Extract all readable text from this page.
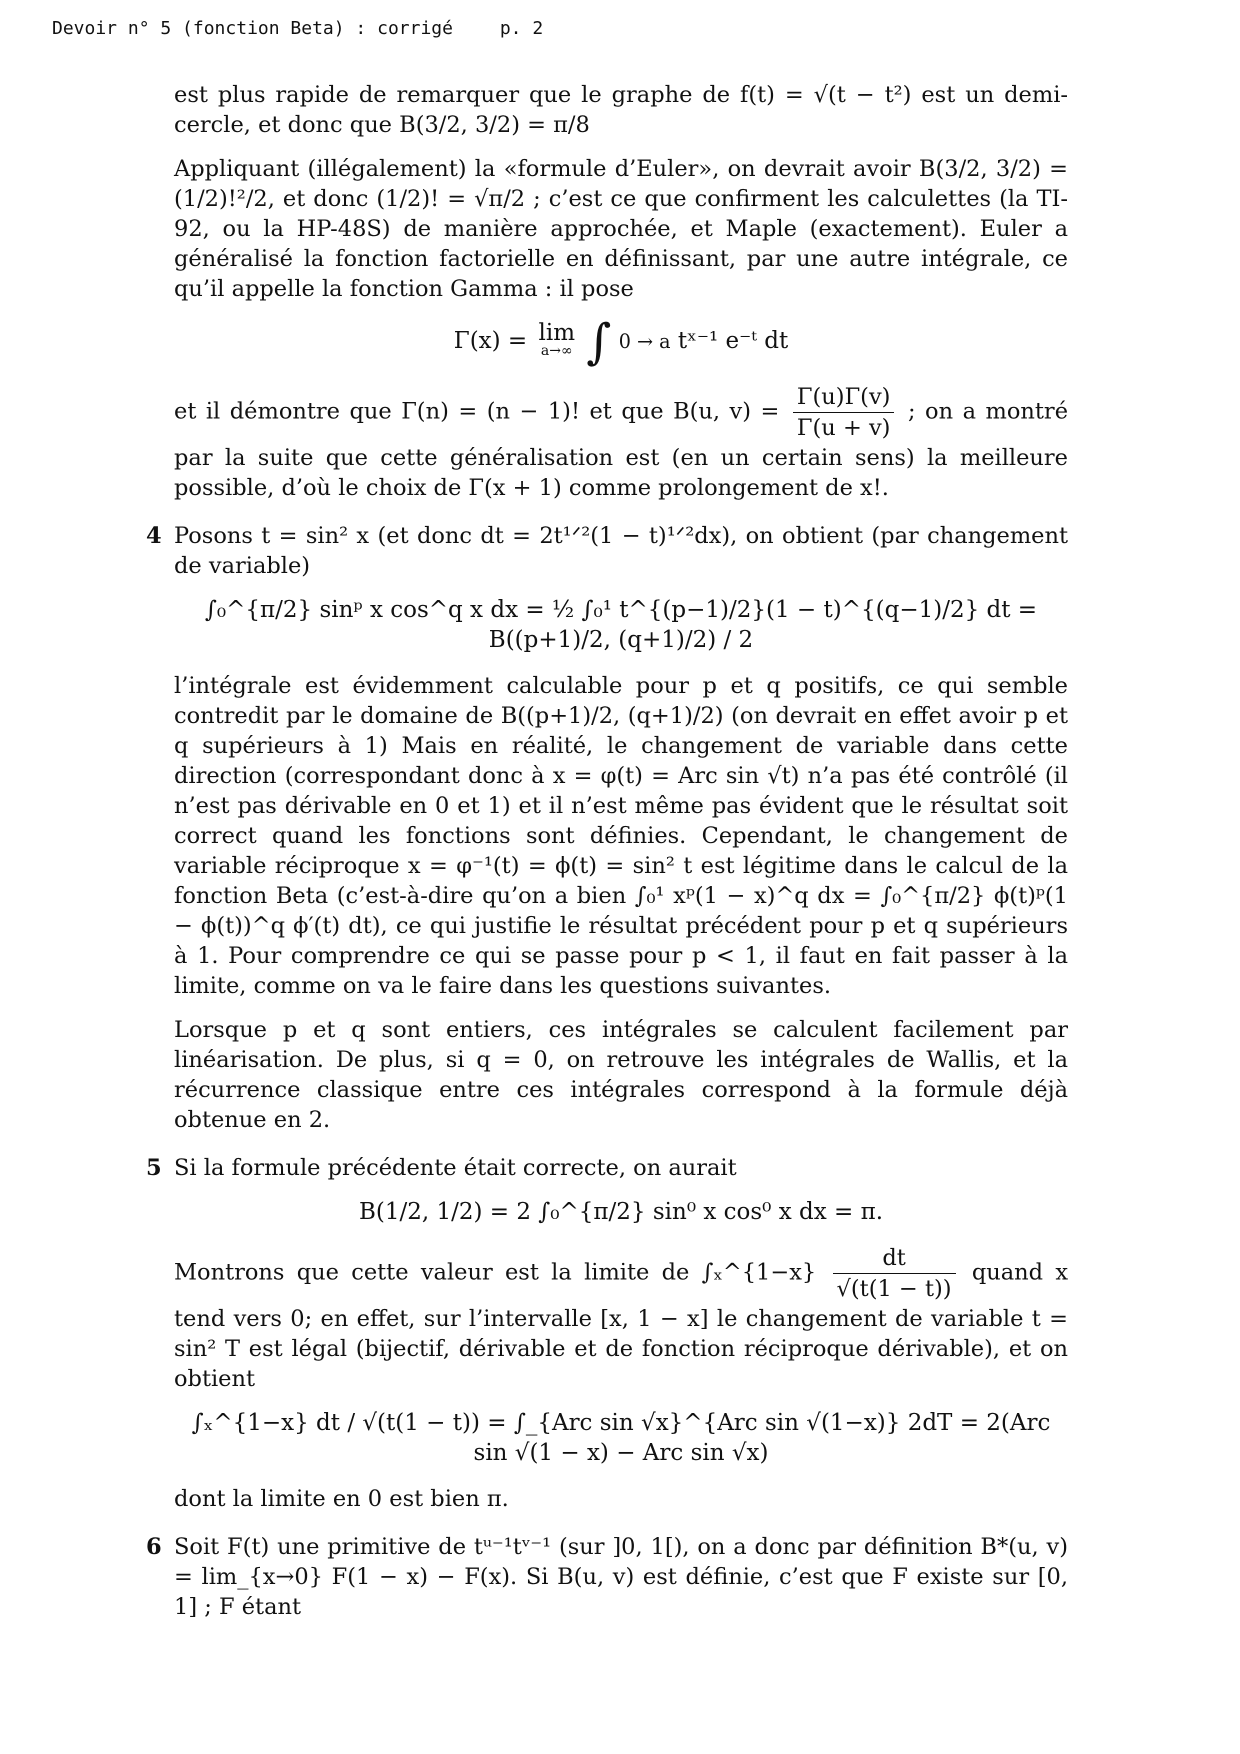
Devoir n° 5 (fonction Beta) : corrigé	p. 2

est plus rapide de remarquer que le graphe de f(t) = √(t − t²) est un demi-cercle, et donc que B(3/2, 3/2) = π/8

Appliquant (illégalement) la «formule d’Euler», on devrait avoir B(3/2, 3/2) = (1/2)!²/2, et donc (1/2)! = √π/2 ; c’est ce que confirment les calculettes (la TI-92, ou la HP-48S) de manière approchée, et Maple (exactement). Euler a généralisé la fonction factorielle en définissant, par une autre intégrale, ce qu’il appelle la fonction Gamma : il pose

Γ(x) = lim
a→∞ ∫ 0 → a tˣ⁻¹ e⁻ᵗ dt

et il démontre que Γ(n) = (n − 1)! et que B(u, $v) = \frac{\Gamma(u)\Gamma(v)}{\Gamma(u + v)}$ ; on a montré par la suite que cette généralisation est (en un certain sens) la meilleure possible, d’où le choix de Γ(x + 1) comme prolongement de x!.

4 Posons t = sin² x (et donc dt = 2t¹ᐟ²(1 − t)¹ᐟ²dx), on obtient (par changement de variable)

∫₀^{π/2} sinᵖ x cos^q x dx = ½ ∫₀¹ t^{(p−1)/2}(1 − t)^{(q−1)/2} dt = B((p+1)/2, (q+1)/2) / 2

l’intégrale est évidemment calculable pour p et q positifs, ce qui semble contredit par le domaine de B((p+1)/2, (q+1)/2) (on devrait en effet avoir p et q supérieurs à 1) Mais en réalité, le changement de variable dans cette direction (correspondant donc à x = φ(t) = Arc sin √t) n’a pas été contrôlé (il n’est pas dérivable en 0 et 1) et il n’est même pas évident que le résultat soit correct quand les fonctions sont définies. Cependant, le changement de variable réciproque x = φ⁻¹(t) = ϕ(t) = sin² t est légitime dans le calcul de la fonction Beta (c’est-à-dire qu’on a bien ∫₀¹ xᵖ(1 − x)^q dx = ∫₀^{π/2} ϕ(t)ᵖ(1 − ϕ(t))^q ϕ′(t) dt), ce qui justifie le résultat précédent pour p et q supérieurs à 1. Pour comprendre ce qui se passe pour p < 1, il faut en fait passer à la limite, comme on va le faire dans les questions suivantes.

Lorsque p et q sont entiers, ces intégrales se calculent facilement par linéarisation. De plus, si q = 0, on retrouve les intégrales de Wallis, et la récurrence classique entre ces intégrales correspond à la formule déjà obtenue en 2.

5 Si la formule précédente était correcte, on aurait

B(1/2, 1/2) = 2 ∫₀^{π/2} sin⁰ x cos⁰ x dx = π.

Montrons que cette valeur est la limite de ∫ₓ^{1−x} $\frac{dt}{√(t(1 - t))}$ quand x tend vers 0; en effet, sur l’intervalle [x, 1 − x] le changement de variable t = sin² T est légal (bijectif, dérivable et de fonction réciproque dérivable), et on obtient

∫ₓ^{1−x} dt / √(t(1 − t)) = ∫_{Arc sin √x}^{Arc sin √(1−x)} 2dT = 2(Arc sin √(1 − x) − Arc sin √x)

dont la limite en 0 est bien π.

6 Soit F(t) une primitive de tᵘ⁻¹tᵛ⁻¹ (sur ]0, 1[), on a donc par définition B*(u, v) = lim_{x→0} F(1 − x) − F(x). Si B(u, v) est définie, c’est que F existe sur [0, 1] ; F étant
